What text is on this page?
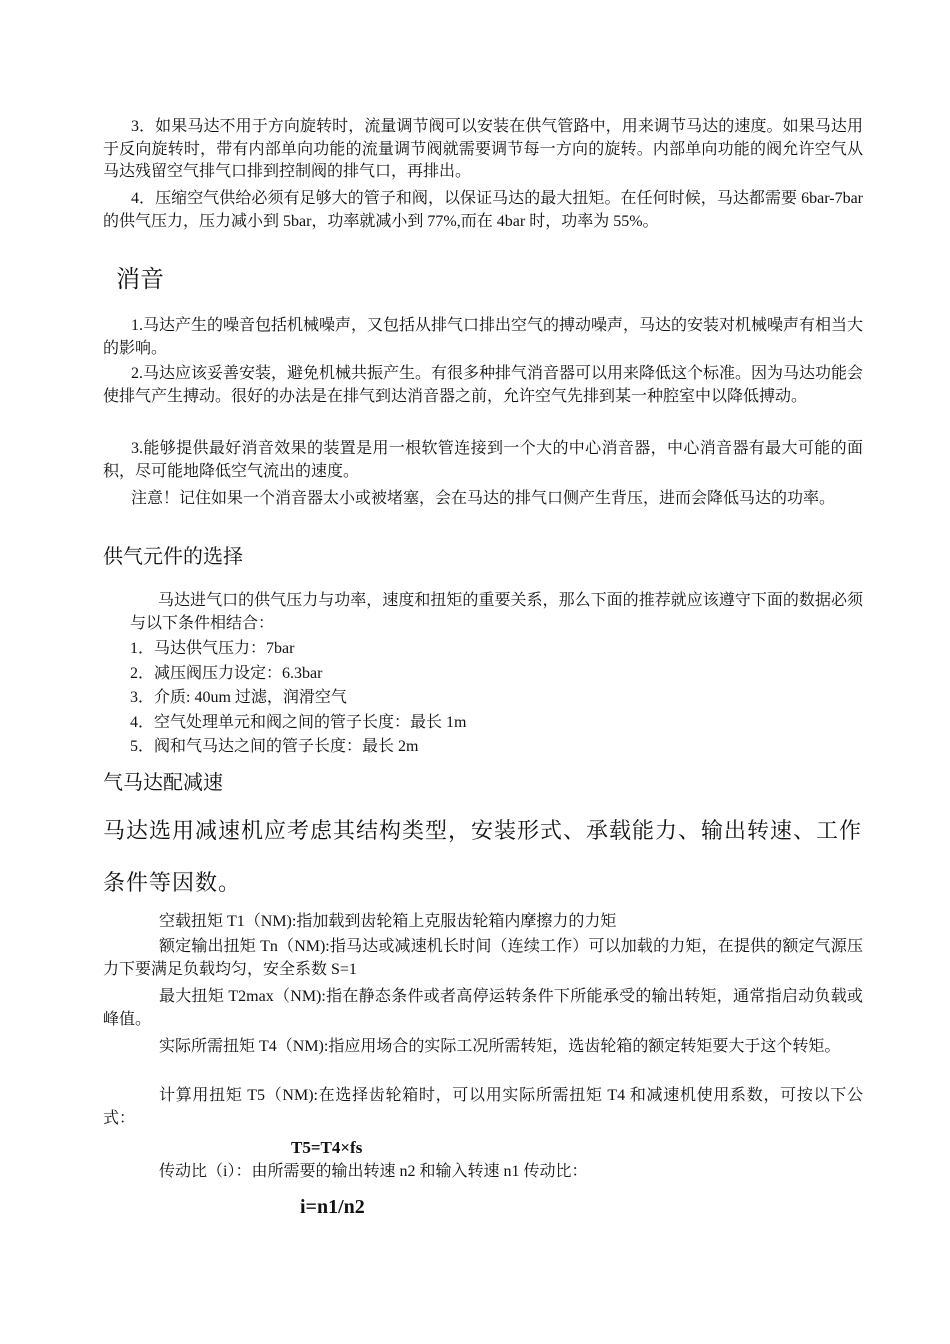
3．如果马达不用于方向旋转时，流量调节阀可以安装在供气管路中，用来调节马达的速度。如果马达用于反向旋转时，带有内部单向功能的流量调节阀就需要调节每一方向的旋转。内部单向功能的阀允许空气从马达残留空气排气口排到控制阀的排气口，再排出。

4．压缩空气供给必须有足够大的管子和阀，以保证马达的最大扭矩。在任何时候，马达都需要 6bar-7bar 的供气压力，压力减小到 5bar，功率就减小到 77%,而在 4bar 时，功率为 55%。

消音

1.马达产生的噪音包括机械噪声，又包括从排气口排出空气的搏动噪声，马达的安装对机械噪声有相当大的影响。

2.马达应该妥善安装，避免机械共振产生。有很多种排气消音器可以用来降低这个标准。因为马达功能会使排气产生搏动。很好的办法是在排气到达消音器之前，允许空气先排到某一种腔室中以降低搏动。

3.能够提供最好消音效果的装置是用一根软管连接到一个大的中心消音器，中心消音器有最大可能的面积，尽可能地降低空气流出的速度。

注意！记住如果一个消音器太小或被堵塞，会在马达的排气口侧产生背压，进而会降低马达的功率。

供气元件的选择

马达进气口的供气压力与功率，速度和扭矩的重要关系，那么下面的推荐就应该遵守下面的数据必须与以下条件相结合：

1．马达供气压力：7bar
2．减压阀压力设定：6.3bar
3．介质: 40um 过滤，润滑空气
4．空气处理单元和阀之间的管子长度：最长 1m
5．阀和气马达之间的管子长度：最长 2m
气马达配减速

马达选用减速机应考虑其结构类型，安装形式、承载能力、输出转速、工作条件等因数。

空载扭矩 T1（NM):指加载到齿轮箱上克服齿轮箱内摩擦力的力矩

额定输出扭矩 Tn（NM):指马达或减速机长时间（连续工作）可以加载的力矩，在提供的额定气源压力下要满足负载均匀，安全系数 S=1

最大扭矩 T2max（NM):指在静态条件或者高停运转条件下所能承受的输出转矩，通常指启动负载或峰值。

实际所需扭矩 T4（NM):指应用场合的实际工况所需转矩，选齿轮箱的额定转矩要大于这个转矩。

计算用扭矩 T5（NM):在选择齿轮箱时，可以用实际所需扭矩 T4 和减速机使用系数，可按以下公式：

T5=T4×fs

传动比（i）：由所需要的输出转速 n2 和输入转速 n1 传动比：

i=n1/n2
